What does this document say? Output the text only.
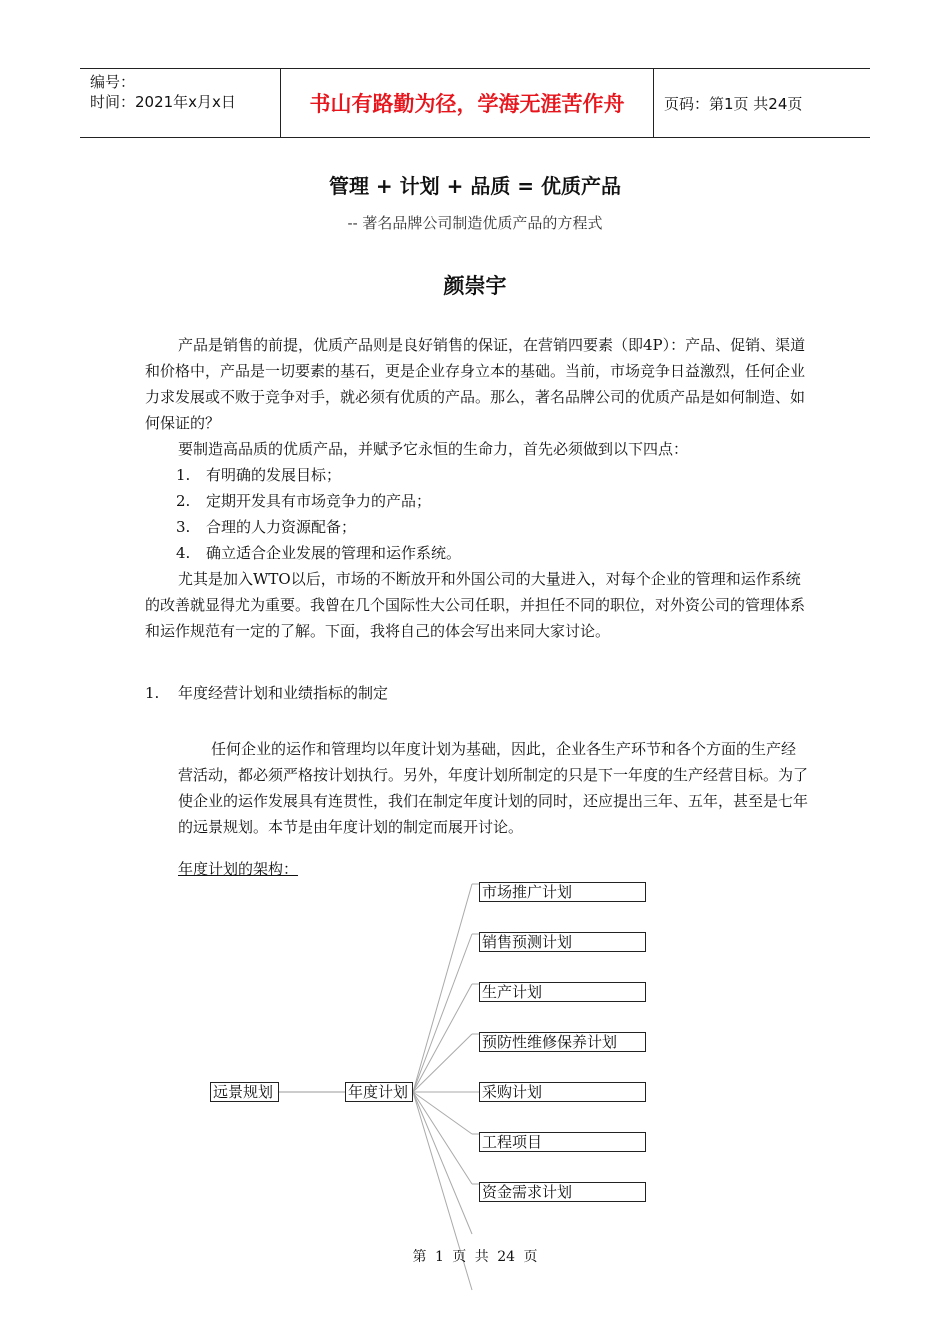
编号：
时间：2021年x月x日	书山有路勤为径，学海无涯苦作舟	页码：第1页 共24页
管理 + 计划 + 品质 = 优质产品
-- 著名品牌公司制造优质产品的方程式
颜崇宇

产品是销售的前提，优质产品则是良好销售的保证，在营销四要素（即4P）：产品、促销、渠道和价格中，产品是一切要素的基石，更是企业存身立本的基础。当前，市场竞争日益激烈，任何企业力求发展或不败于竞争对手，就必须有优质的产品。那么，著名品牌公司的优质产品是如何制造、如何保证的？

要制造高品质的优质产品，并赋予它永恒的生命力，首先必须做到以下四点：

1. 有明确的发展目标；
2. 定期开发具有市场竞争力的产品；
3. 合理的人力资源配备；
4. 确立适合企业发展的管理和运作系统。

尤其是加入WTO以后，市场的不断放开和外国公司的大量进入，对每个企业的管理和运作系统的改善就显得尤为重要。我曾在几个国际性大公司任职，并担任不同的职位，对外资公司的管理体系和运作规范有一定的了解。下面，我将自己的体会写出来同大家讨论。

1. 年度经营计划和业绩指标的制定

任何企业的运作和管理均以年度计划为基础，因此，企业各生产环节和各个方面的生产经营活动，都必须严格按计划执行。另外，年度计划所制定的只是下一年度的生产经营目标。为了使企业的运作发展具有连贯性，我们在制定年度计划的同时，还应提出三年、五年，甚至是七年的远景规划。本节是由年度计划的制定而展开讨论。

年度计划的架构：
远景规划	年度计划
市场推广计划
销售预测计划
生产计划
预防性维修保养计划
采购计划
工程项目
资金需求计划
第 1 页 共 24 页
